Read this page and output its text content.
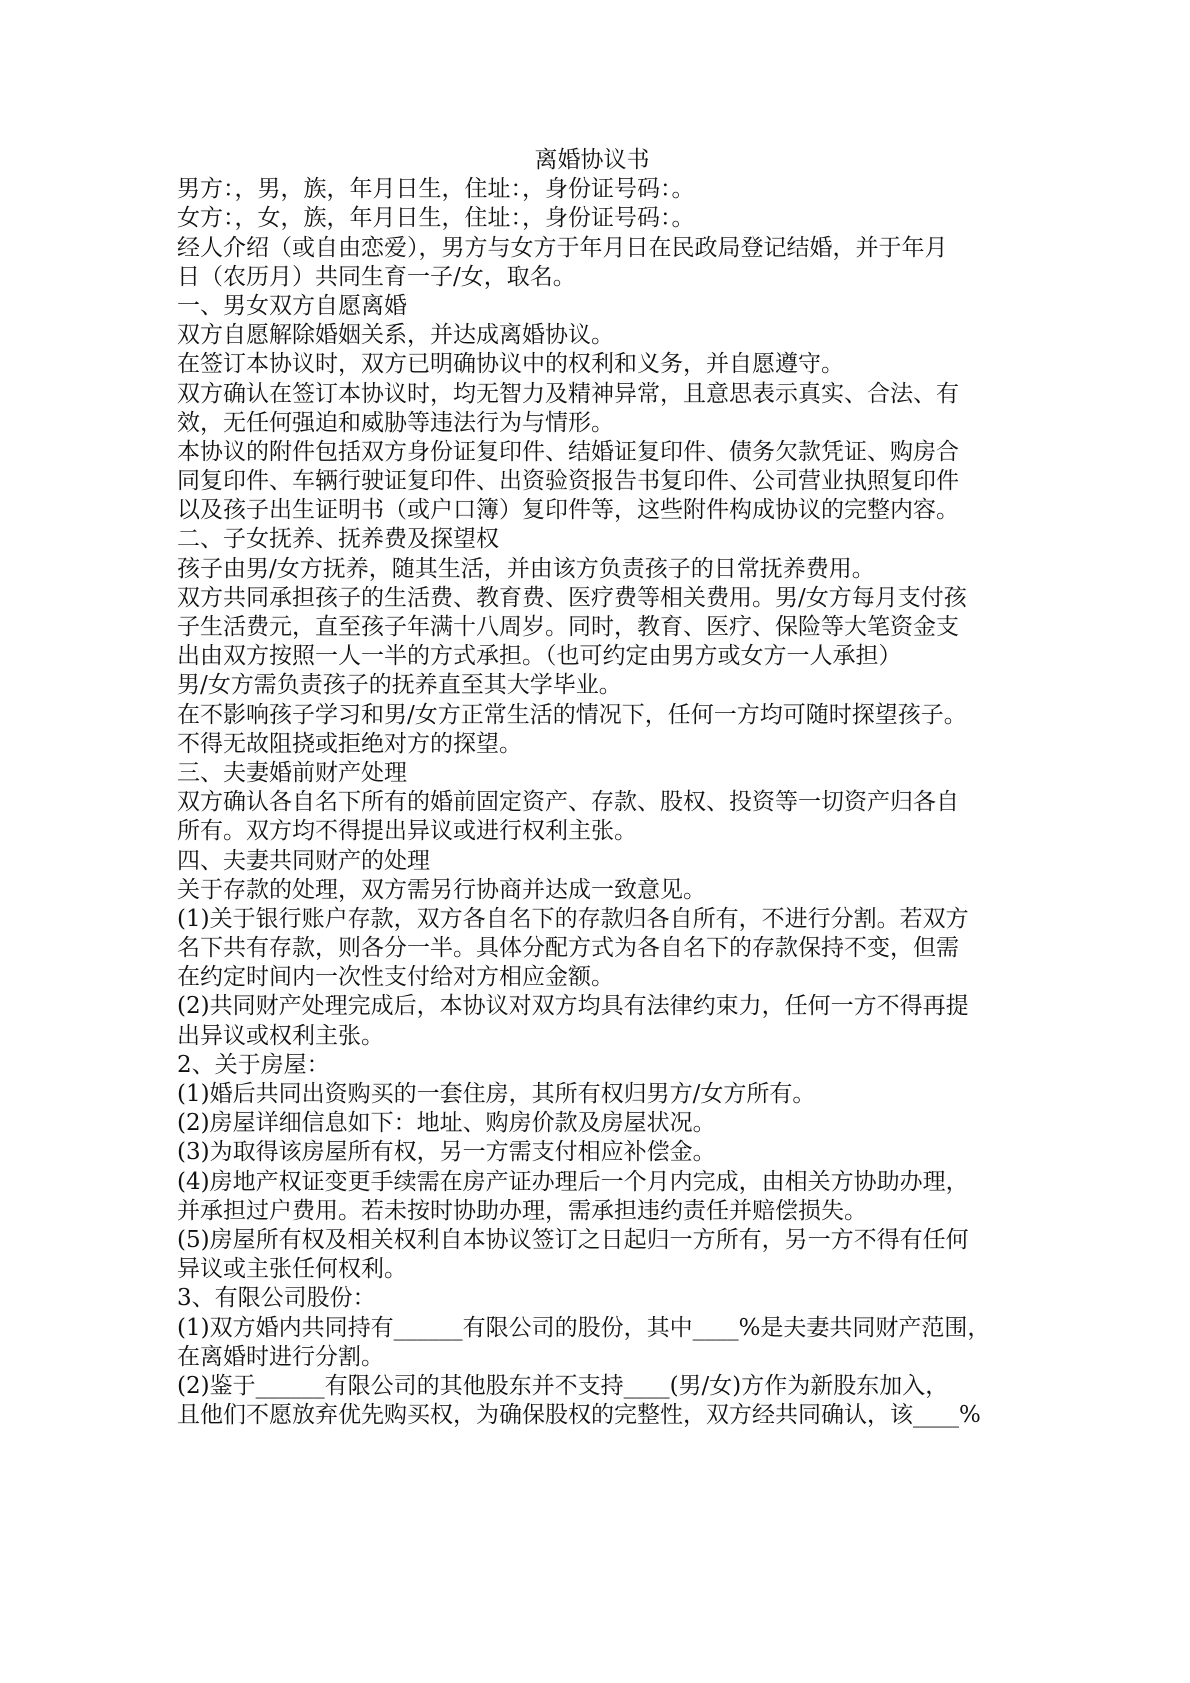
离婚协议书
男方：，男，族，年月日生，住址：，身份证号码：。
女方：，女，族，年月日生，住址：，身份证号码：。
经人介绍（或自由恋爱），男方与女方于年月日在民政局登记结婚，并于年月
日（农历月）共同生育一子/女，取名。
一、男女双方自愿离婚
双方自愿解除婚姻关系，并达成离婚协议。
在签订本协议时，双方已明确协议中的权利和义务，并自愿遵守。
双方确认在签订本协议时，均无智力及精神异常，且意思表示真实、合法、有
效，无任何强迫和威胁等违法行为与情形。
本协议的附件包括双方身份证复印件、结婚证复印件、债务欠款凭证、购房合
同复印件、车辆行驶证复印件、出资验资报告书复印件、公司营业执照复印件
以及孩子出生证明书（或户口簿）复印件等，这些附件构成协议的完整内容。
二、子女抚养、抚养费及探望权
孩子由男/女方抚养，随其生活，并由该方负责孩子的日常抚养费用。
双方共同承担孩子的生活费、教育费、医疗费等相关费用。男/女方每月支付孩
子生活费元，直至孩子年满十八周岁。同时，教育、医疗、保险等大笔资金支
出由双方按照一人一半的方式承担。（也可约定由男方或女方一人承担）
男/女方需负责孩子的抚养直至其大学毕业。
在不影响孩子学习和男/女方正常生活的情况下，任何一方均可随时探望孩子。
不得无故阻挠或拒绝对方的探望。
三、夫妻婚前财产处理
双方确认各自名下所有的婚前固定资产、存款、股权、投资等一切资产归各自
所有。双方均不得提出异议或进行权利主张。
四、夫妻共同财产的处理
关于存款的处理，双方需另行协商并达成一致意见。
(1)关于银行账户存款，双方各自名下的存款归各自所有，不进行分割。若双方
名下共有存款，则各分一半。具体分配方式为各自名下的存款保持不变，但需
在约定时间内一次性支付给对方相应金额。
(2)共同财产处理完成后，本协议对双方均具有法律约束力，任何一方不得再提
出异议或权利主张。
2、关于房屋：
(1)婚后共同出资购买的一套住房，其所有权归男方/女方所有。
(2)房屋详细信息如下：地址、购房价款及房屋状况。
(3)为取得该房屋所有权，另一方需支付相应补偿金。
(4)房地产权证变更手续需在房产证办理后一个月内完成，由相关方协助办理，
并承担过户费用。若未按时协助办理，需承担违约责任并赔偿损失。
(5)房屋所有权及相关权利自本协议签订之日起归一方所有，另一方不得有任何
异议或主张任何权利。
3、有限公司股份：
(1)双方婚内共同持有______有限公司的股份，其中____%是夫妻共同财产范围，
在离婚时进行分割。
(2)鉴于______有限公司的其他股东并不支持____(男/女)方作为新股东加入，
且他们不愿放弃优先购买权，为确保股权的完整性，双方经共同确认，该____%
